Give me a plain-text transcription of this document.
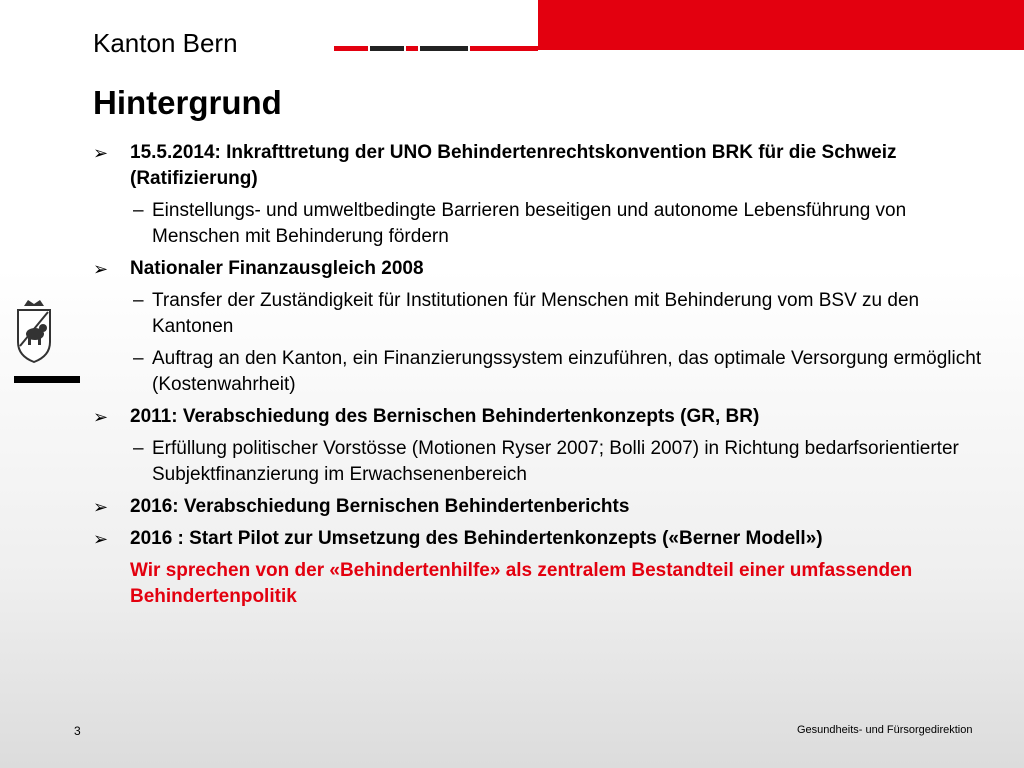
Kanton Bern
Hintergrund
➢ 15.5.2014: Inkrafttretung der UNO Behindertenrechtskonvention BRK für die Schweiz (Ratifizierung)
– Einstellungs- und umweltbedingte Barrieren beseitigen und autonome Lebensführung von Menschen mit Behinderung fördern
➢ Nationaler Finanzausgleich 2008
– Transfer der Zuständigkeit für Institutionen für Menschen mit Behinderung vom BSV zu den Kantonen
– Auftrag an den Kanton, ein Finanzierungssystem einzuführen, das optimale Versorgung ermöglicht (Kostenwahrheit)
➢ 2011: Verabschiedung des Bernischen Behindertenkonzepts (GR, BR)
– Erfüllung politischer Vorstösse (Motionen Ryser 2007; Bolli 2007) in Richtung bedarfsorientierter Subjektfinanzierung im Erwachsenenbereich
➢ 2016: Verabschiedung Bernischen Behindertenberichts
➢ 2016 : Start Pilot zur Umsetzung des Behindertenkonzepts («Berner Modell»)
Wir sprechen von der «Behindertenhilfe» als zentralem Bestandteil einer umfassenden Behindertenpolitik
3	Gesundheits- und Fürsorgedirektion
